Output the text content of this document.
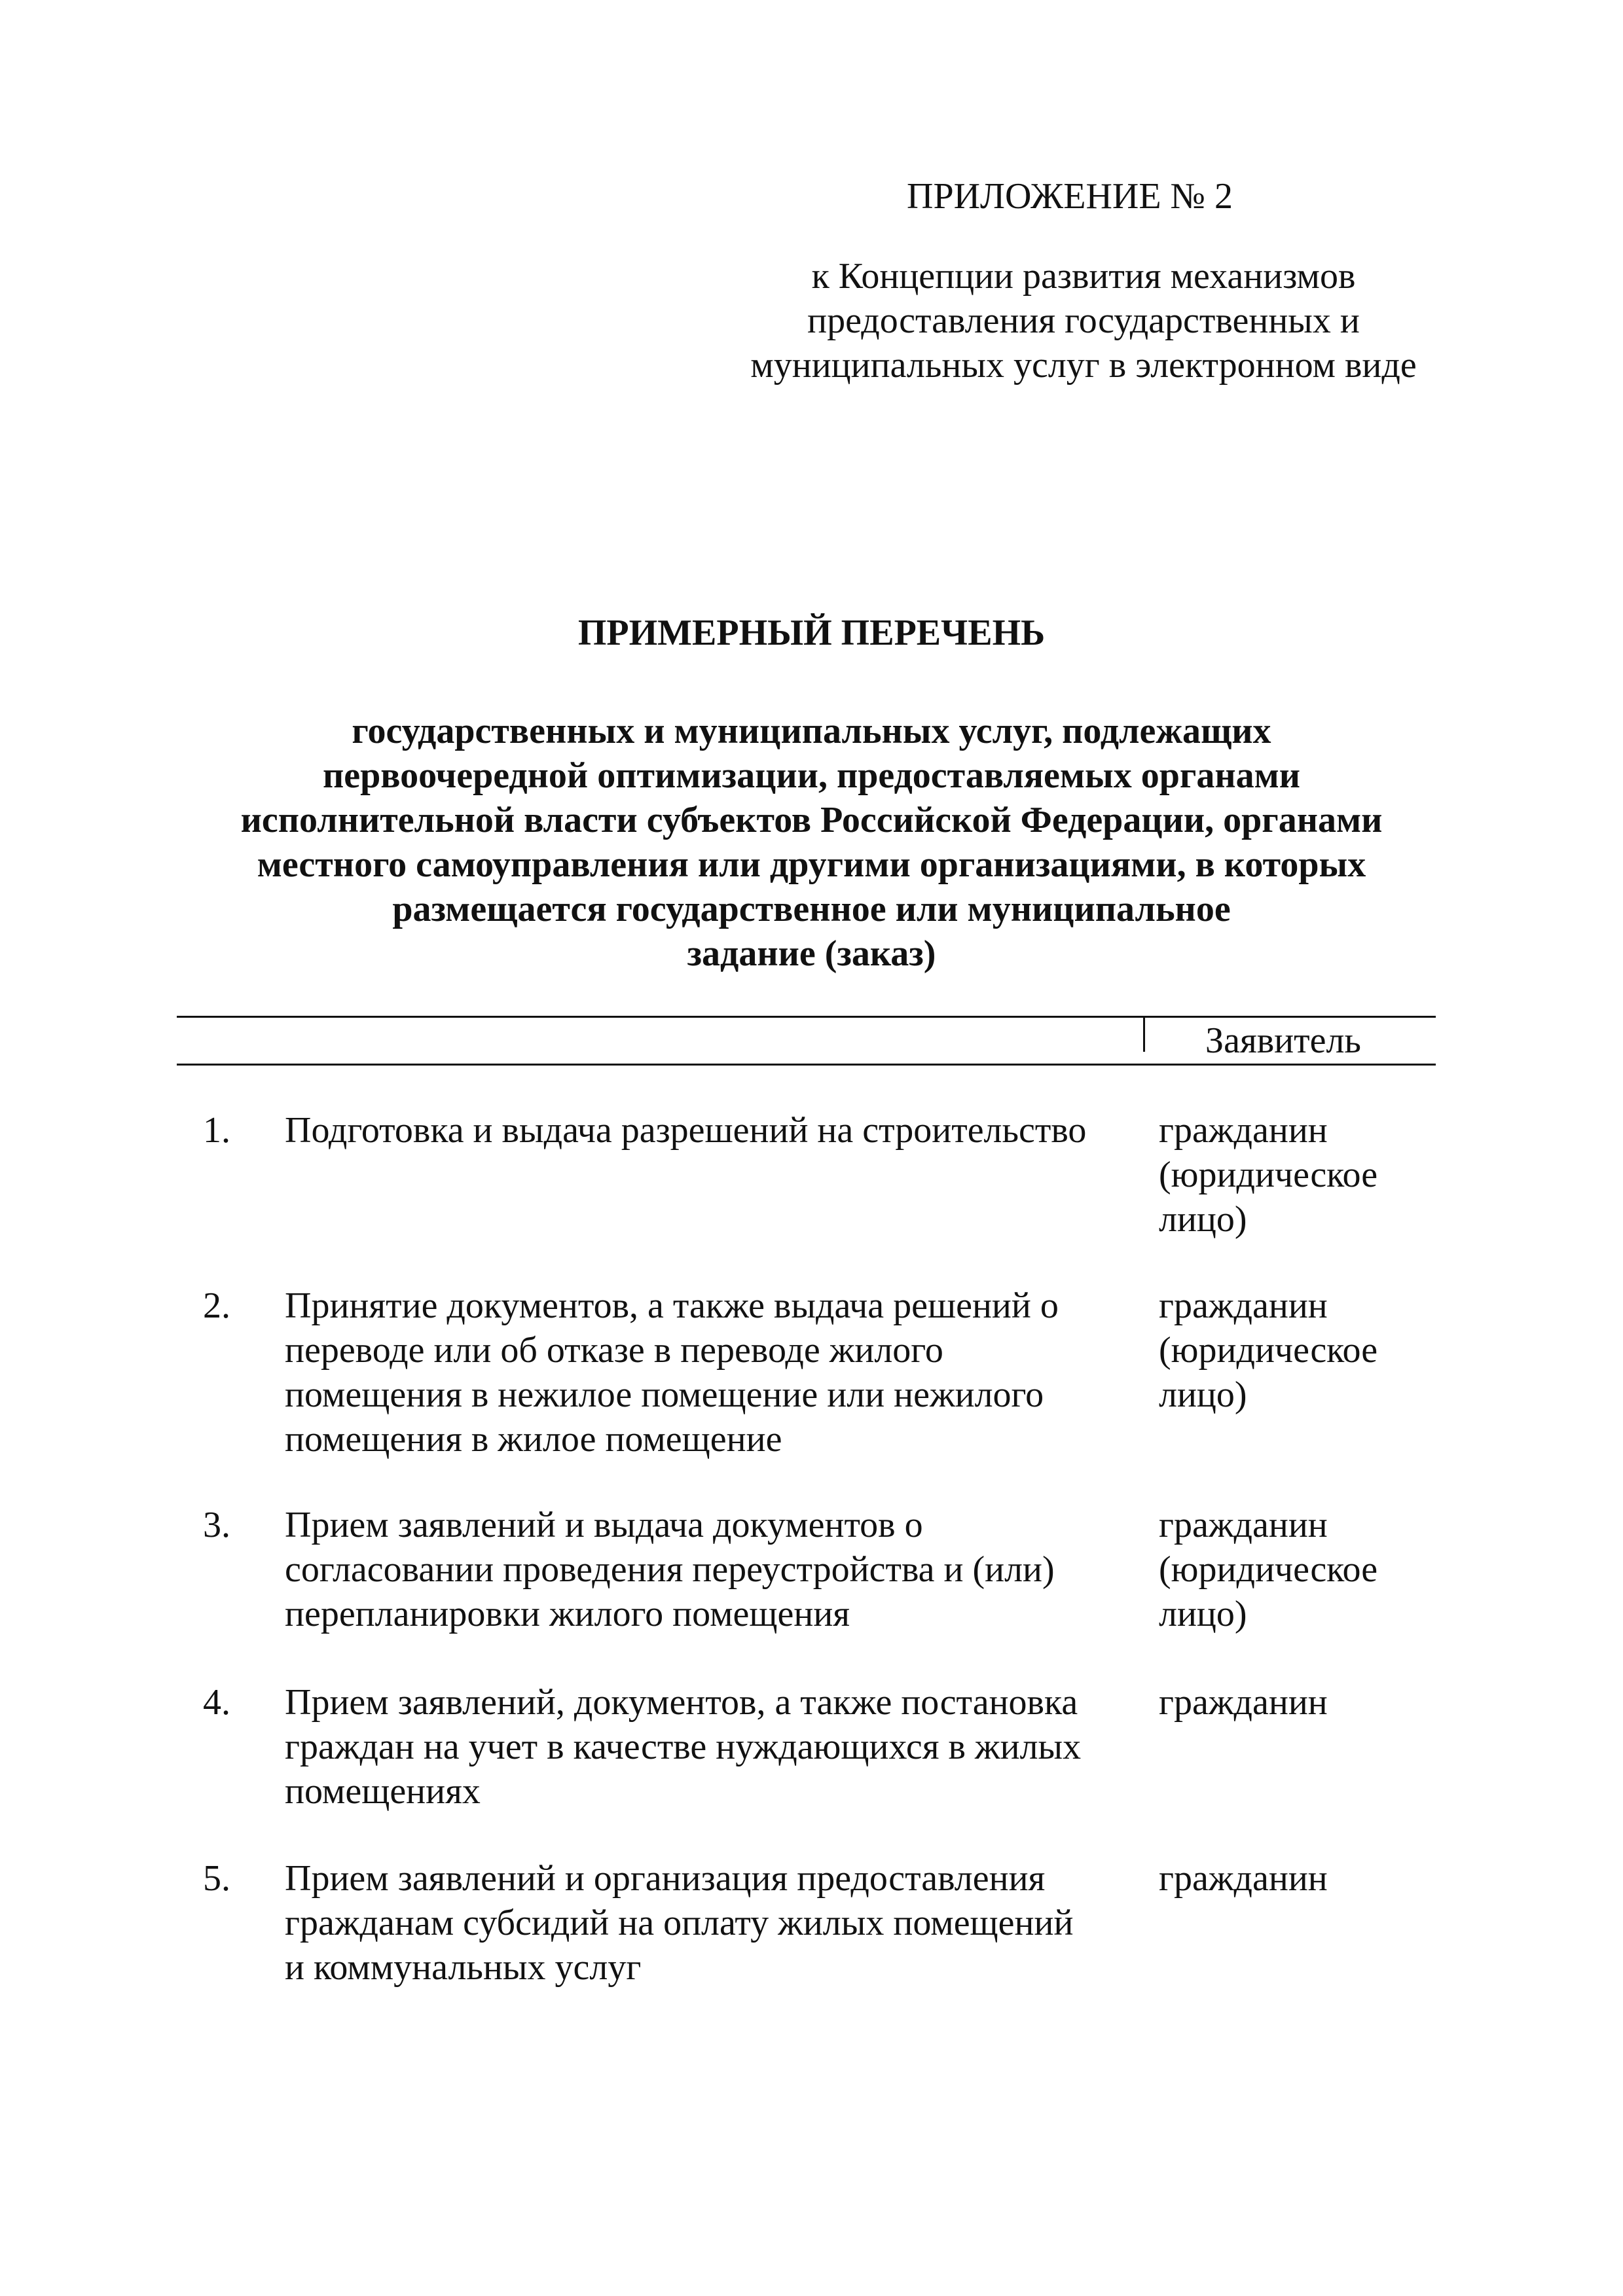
ПРИЛОЖЕНИЕ № 2
к Концепции развития механизмов
предоставления государственных и
муниципальных услуг в электронном виде
ПРИМЕРНЫЙ ПЕРЕЧЕНЬ
государственных и муниципальных услуг, подлежащих
первоочередной оптимизации, предоставляемых органами
исполнительной власти субъектов Российской Федерации, органами
местного самоуправления или другими организациями, в которых
размещается государственное или муниципальное
задание (заказ)
Заявитель
1. Подготовка и выдача разрешений на строительство	гражданин
(юридическое
лицо)
2. Принятие документов, а также выдача решений о
переводе или об отказе в переводе жилого
помещения в нежилое помещение или нежилого
помещения в жилое помещение
гражданин
(юридическое
лицо)
3. Прием заявлений и выдача документов о
согласовании проведения переустройства и (или)
перепланировки жилого помещения
гражданин
(юридическое
лицо)
4. Прием заявлений, документов, а также постановка
граждан на учет в качестве нуждающихся в жилых
помещениях
гражданин
5. Прием заявлений и организация предоставления
гражданам субсидий на оплату жилых помещений
и коммунальных услуг
гражданин
